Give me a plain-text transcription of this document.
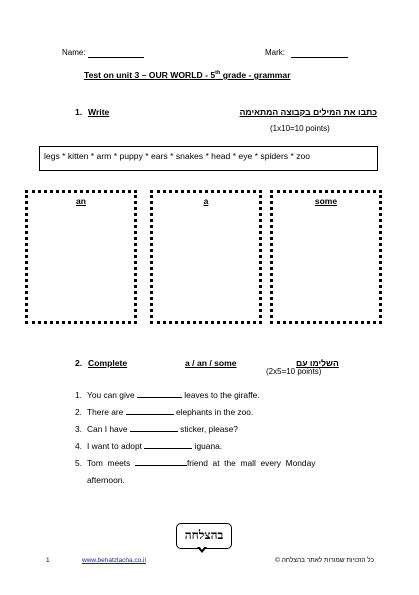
Name:	Mark:
Test on unit 3 – OUR WORLD - 5th grade - grammar
1. Write	כתבו את המילים בקבוצה המתאימה
(1x10=10 points)
legs * kitten * arm * puppy * ears * snakes * head * eye * spiders * zoo
an	a	some
2. Complete	a / an / some	השלימו עם
(2x5=10 points)
1. You can give	leaves to the giraffe.
2. There are	elephants in the zoo.
3. Can I have	sticker, please?
4. I want to adopt	iguana.
5. Tom  meets	friend  at  the  mall  every  Monday
afternoon.
בהצלחה
1	www.behatzlacha.co.il	כל הזכויות שמורות לאתר בהצלחה ©
